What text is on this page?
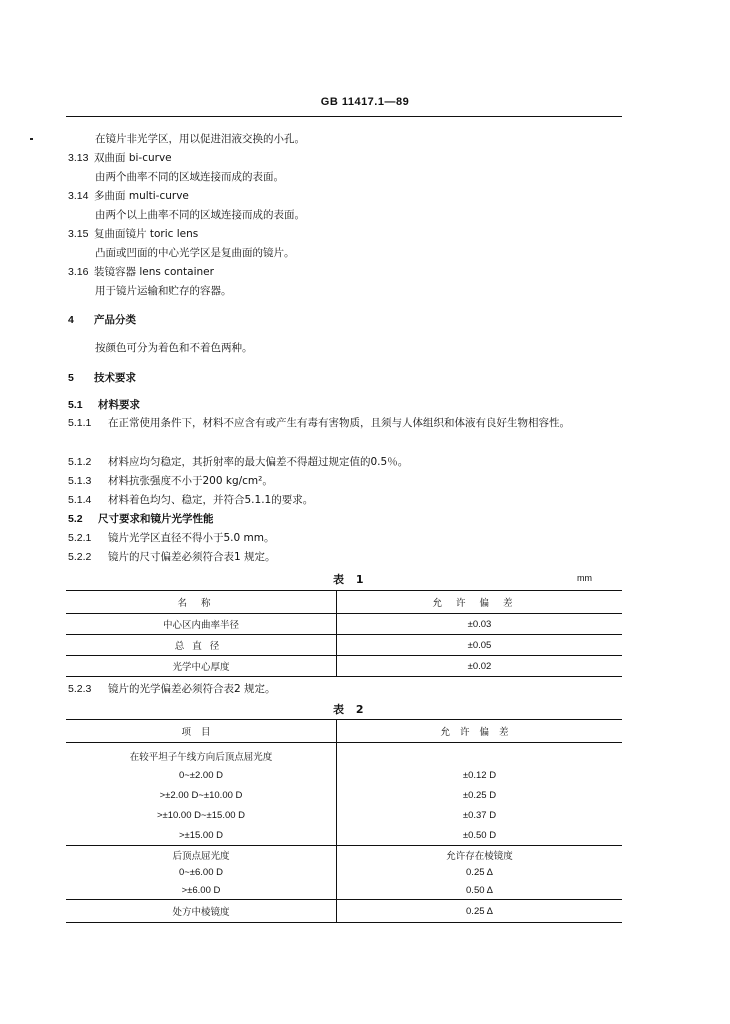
GB 11417.1—89
在镜片非光学区，用以促进泪液交换的小孔。
3.13 双曲面 bi-curve
由两个曲率不同的区域连接而成的表面。
3.14 多曲面 multi-curve
由两个以上曲率不同的区域连接而成的表面。
3.15 复曲面镜片 toric lens
凸面或凹面的中心光学区是复曲面的镜片。
3.16 装镜容器 lens container
用于镜片运输和贮存的容器。
4 产品分类
按颜色可分为着色和不着色两种。
5 技术要求
5.1 材料要求
5.1.1 在正常使用条件下，材料不应含有或产生有毒有害物质，且须与人体组织和体液有良好生物相容性。
5.1.2 材料应均匀稳定，其折射率的最大偏差不得超过规定值的0.5％。
5.1.3 材料抗张强度不小于200 kg/cm²。
5.1.4 材料着色均匀、稳定，并符合5.1.1的要求。
5.2 尺寸要求和镜片光学性能
5.2.1 镜片光学区直径不得小于5.0 mm。
5.2.2 镜片的尺寸偏差必须符合表1 规定。
表 1	mm
名称	允许偏差
中心区内曲率半径	±0.03
总直径	±0.05
光学中心厚度	±0.02
5.2.3 镜片的光学偏差必须符合表2 规定。
表 2
项目	允许偏差
在较平坦子午线方向后顶点屈光度	
0~±2.00 D	±0.12 D
>±2.00 D~±10.00 D	±0.25 D
>±10.00 D~±15.00 D	±0.37 D
>±15.00 D	±0.50 D
后顶点屈光度	允许存在棱镜度
0~±6.00 D	0.25 Δ
>±6.00 D	0.50 Δ
处方中棱镜度	0.25 Δ
